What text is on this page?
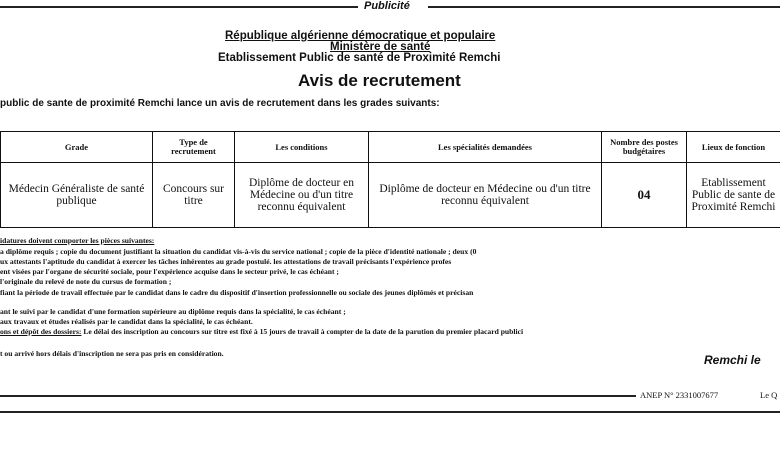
Publicité
République algérienne démocratique et populaire
Ministère de santé
Etablissement Public de santé de Proximité Remchi
Avis de recrutement
public de sante de proximité Remchi lance un avis de recrutement dans les grades suivants:
Grade	Type de recrutement	Les conditions	Les spécialités demandées	Nombre des postes budgétaires	Lieux de fonction
Médecin Généraliste de santé publique	Concours sur titre	Diplôme de docteur en Médecine ou d'un titre reconnu équivalent	Diplôme de docteur en Médecine ou d'un titre reconnu équivalent	04	Etablissement Public de sante de Proximité Remchi
idatures doivent comporter les pièces suivantes:
a diplôme requis ; copie du document justifiant la situation du candidat vis-à-vis du service national ; copie de la pièce d'identité nationale ; deux (0
ux attestants l'aptitude du candidat à exercer les tâches inhérentes au grade postulé. les attestations de travail précisants l'expérience profes
ent visées par l'organe de sécurité sociale, pour l'expérience acquise dans le secteur privé, le cas échéant ;
l'originale du relevé de note du cursus de formation ;
fiant la période de travail effectuée par le candidat dans le cadre du dispositif d'insertion professionnelle ou sociale des jeunes diplômés et précisan
ant le suivi par le candidat d'une formation supérieure au diplôme requis dans la spécialité, le cas échéant ;
aux travaux et études réalisés par le candidat dans la spécialité, le cas échéant.
ons et dépôt des dossiers: Le délai des inscription au concours sur titre est fixé à 15 jours de travail à compter de la date de la parution du premier placard publici
t ou arrivé hors délais d'inscription ne sera pas pris en considération.	Remchi le
ANEP N° 2331007677	Le Q
